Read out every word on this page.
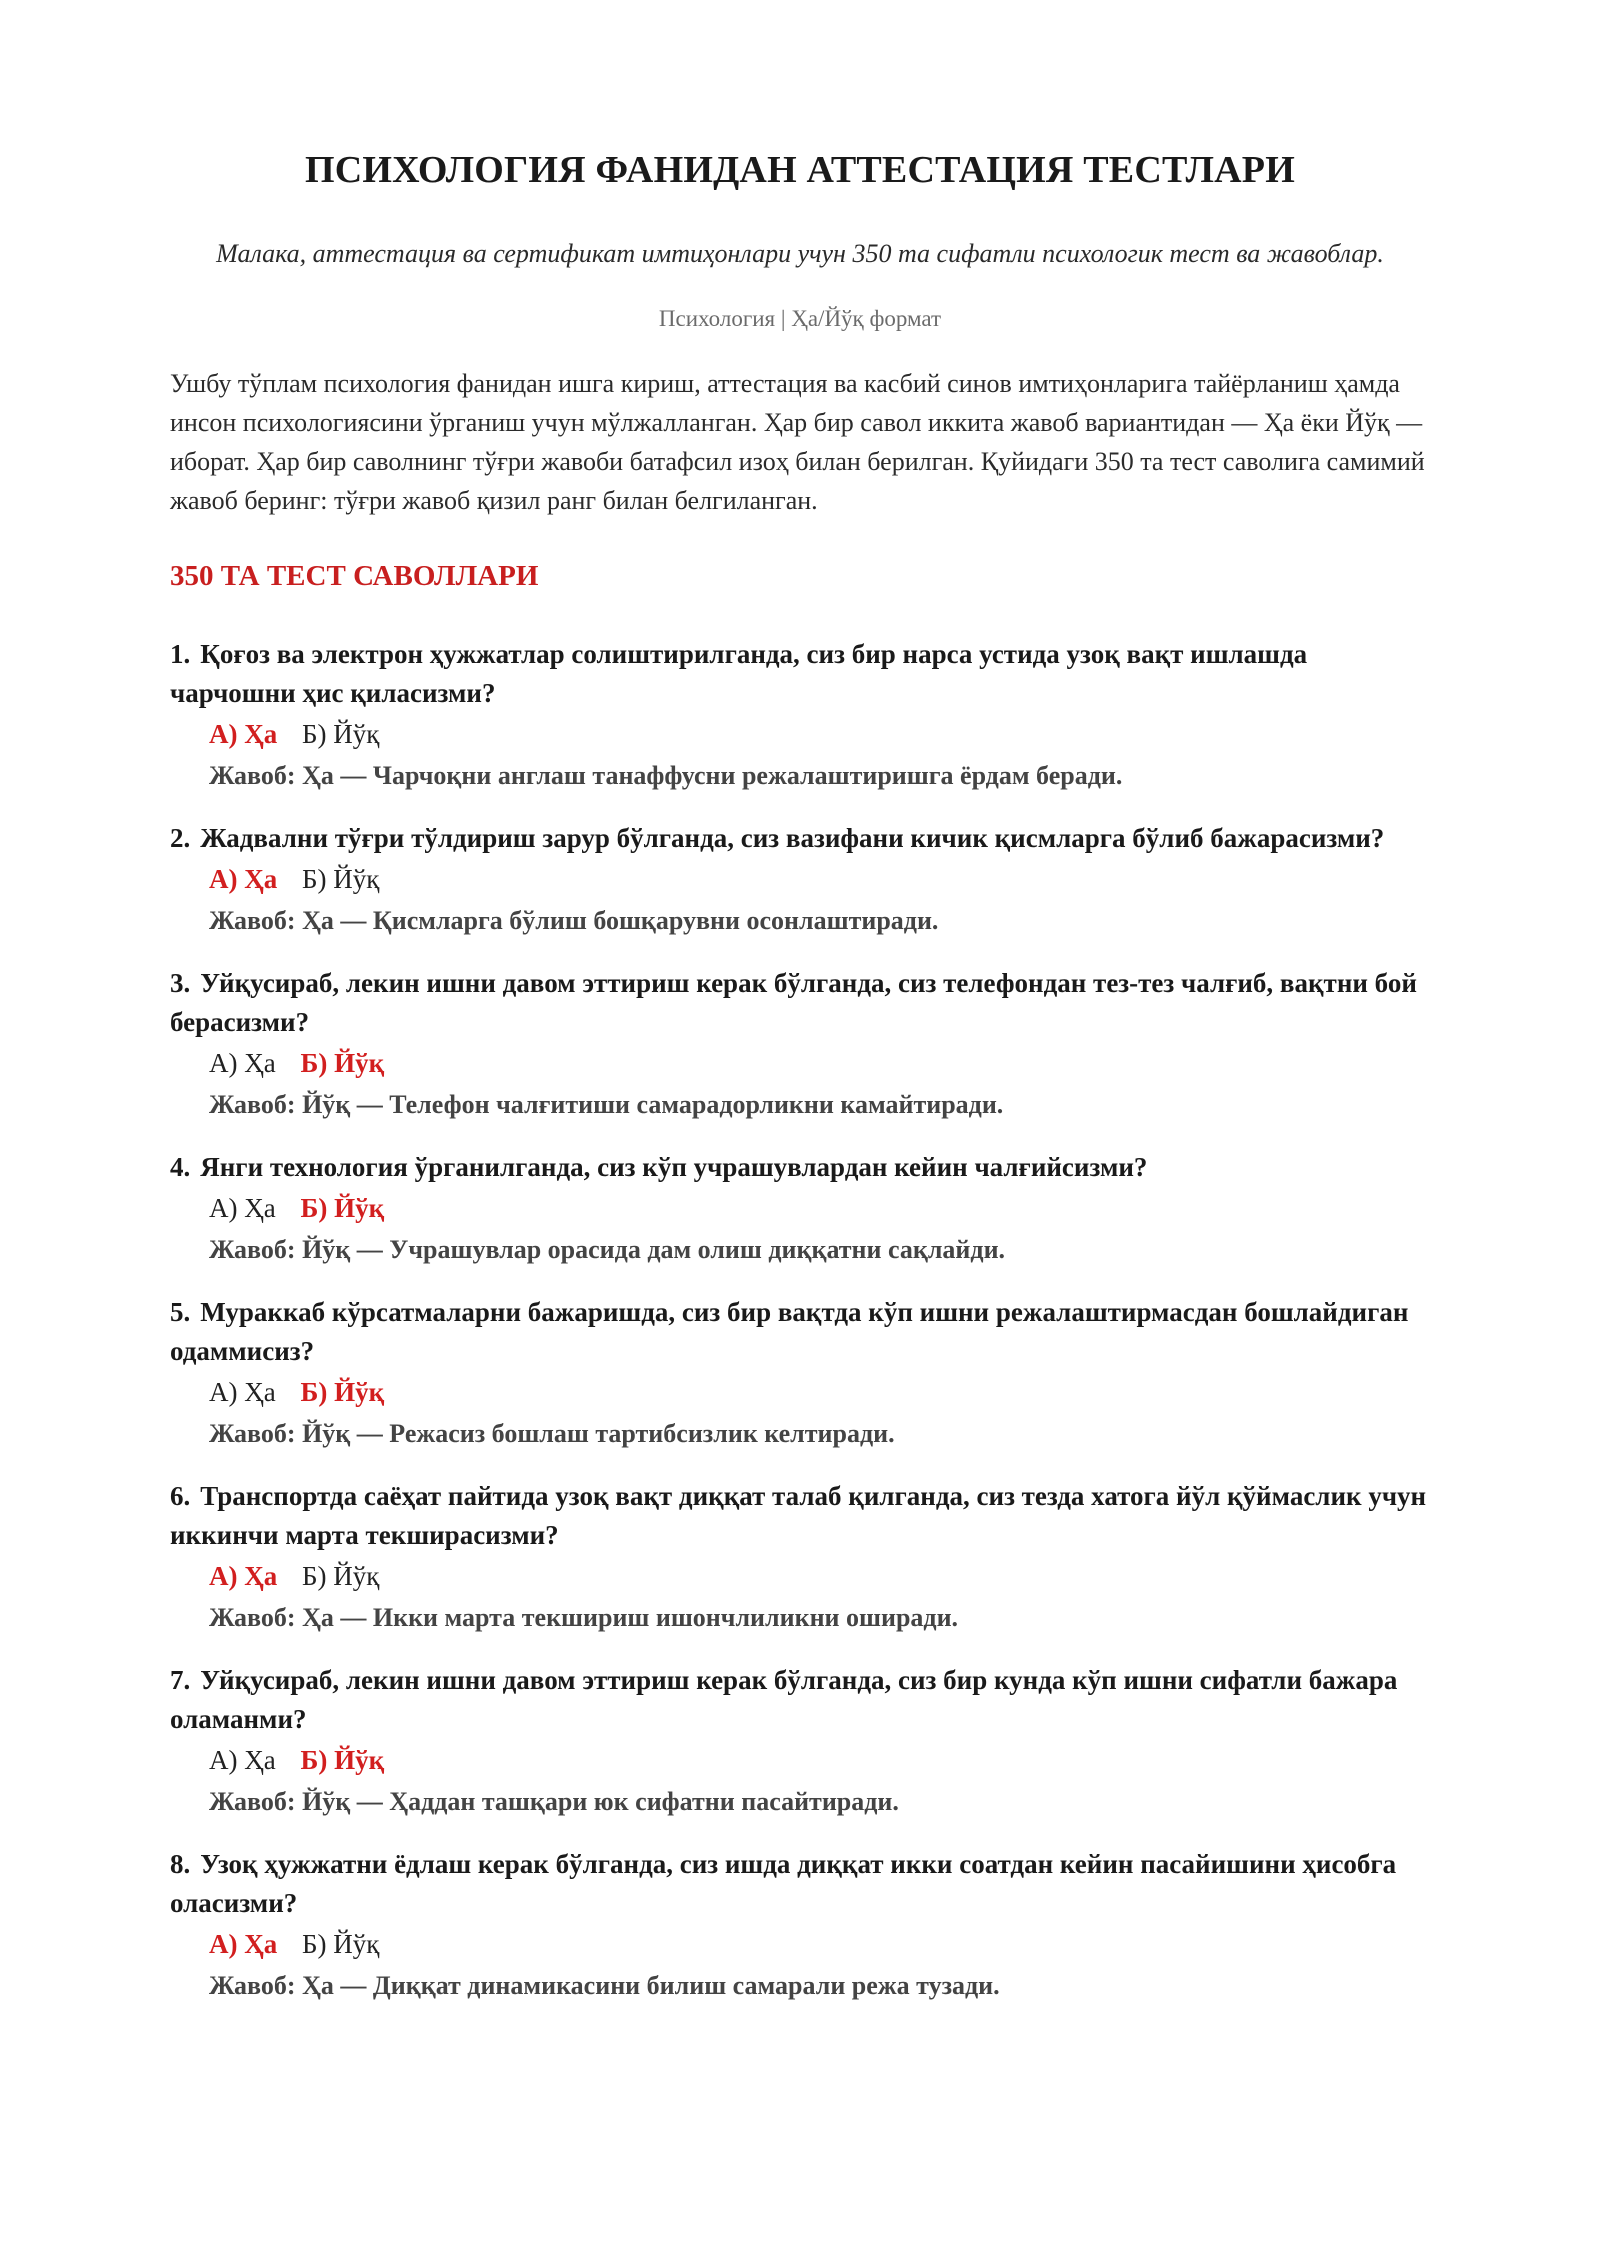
ПСИХОЛОГИЯ ФАНИДАН АТТЕСТАЦИЯ ТЕСТЛАРИ
Малака, аттестация ва сертификат имтиҳонлари учун 350 та сифатли психологик тест ва жавоблар.
Психология | Ҳа/Йўқ формат

Ушбу тўплам психология фанидан ишга кириш, аттестация ва касбий синов имтиҳонларига тайёрланиш ҳамда инсон психологиясини ўрганиш учун мўлжалланган. Ҳар бир савол иккита жавоб вариантидан — Ҳа ёки Йўқ — иборат. Ҳар бир саволнинг тўғри жавоби батафсил изоҳ билан берилган. Қуйидаги 350 та тест саволига самимий жавоб беринг: тўғри жавоб қизил ранг билан белгиланган.

350 ТА ТЕСТ САВОЛЛАРИ
1. Қоғоз ва электрон ҳужжатлар солиштирилганда, сиз бир нарса устида узоқ вақт ишлашда чарчошни ҳис қиласизми?
А) Ҳа Б) Йўқ
Жавоб: Ҳа — Чарчоқни англаш танаффусни режалаштиришга ёрдам беради.
2. Жадвални тўғри тўлдириш зарур бўлганда, сиз вазифани кичик қисмларга бўлиб бажарасизми?
А) Ҳа Б) Йўқ
Жавоб: Ҳа — Қисмларга бўлиш бошқарувни осонлаштиради.
3. Уйқусираб, лекин ишни давом эттириш керак бўлганда, сиз телефондан тез-тез чалғиб, вақтни бой берасизми?
А) Ҳа Б) Йўқ
Жавоб: Йўқ — Телефон чалғитиши самарадорликни камайтиради.
4. Янги технология ўрганилганда, сиз кўп учрашувлардан кейин чалғийсизми?
А) Ҳа Б) Йўқ
Жавоб: Йўқ — Учрашувлар орасида дам олиш диққатни сақлайди.
5. Мураккаб кўрсатмаларни бажаришда, сиз бир вақтда кўп ишни режалаштирмасдан бошлайдиган одаммисиз?
А) Ҳа Б) Йўқ
Жавоб: Йўқ — Режасиз бошлаш тартибсизлик келтиради.
6. Транспортда саёҳат пайтида узоқ вақт диққат талаб қилганда, сиз тезда хатога йўл қўймаслик учун иккинчи марта текширасизми?
А) Ҳа Б) Йўқ
Жавоб: Ҳа — Икки марта текшириш ишончлиликни оширади.
7. Уйқусираб, лекин ишни давом эттириш керак бўлганда, сиз бир кунда кўп ишни сифатли бажара оламанми?
А) Ҳа Б) Йўқ
Жавоб: Йўқ — Ҳаддан ташқари юк сифатни пасайтиради.
8. Узоқ ҳужжатни ёдлаш керак бўлганда, сиз ишда диққат икки соатдан кейин пасайишини ҳисобга оласизми?
А) Ҳа Б) Йўқ
Жавоб: Ҳа — Диққат динамикасини билиш самарали режа тузади.
